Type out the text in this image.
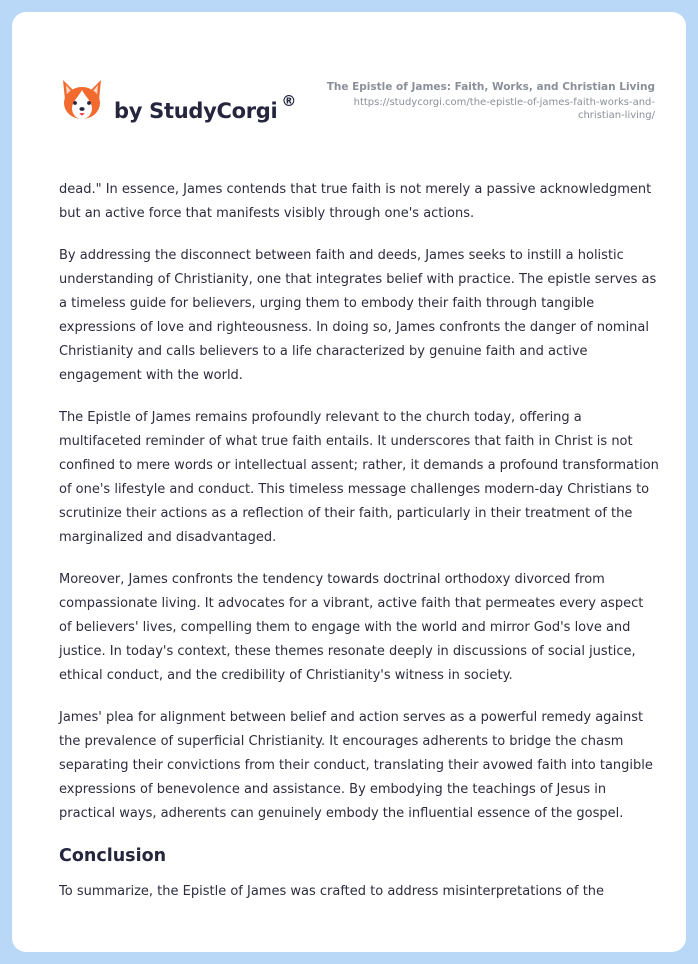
by StudyCorgi ®
The Epistle of James: Faith, Works, and Christian Living
https://studycorgi.com/the-epistle-of-james-faith-works-and-
christian-living/

dead." In essence, James contends that true faith is not merely a passive acknowledgment but an active force that manifests visibly through one's actions.

By addressing the disconnect between faith and deeds, James seeks to instill a holistic understanding of Christianity, one that integrates belief with practice. The epistle serves as a timeless guide for believers, urging them to embody their faith through tangible expressions of love and righteousness. In doing so, James confronts the danger of nominal Christianity and calls believers to a life characterized by genuine faith and active engagement with the world.

The Epistle of James remains profoundly relevant to the church today, offering a multifaceted reminder of what true faith entails. It underscores that faith in Christ is not confined to mere words or intellectual assent; rather, it demands a profound transformation of one's lifestyle and conduct. This timeless message challenges modern-day Christians to scrutinize their actions as a reflection of their faith, particularly in their treatment of the marginalized and disadvantaged.

Moreover, James confronts the tendency towards doctrinal orthodoxy divorced from compassionate living. It advocates for a vibrant, active faith that permeates every aspect of believers' lives, compelling them to engage with the world and mirror God's love and justice. In today's context, these themes resonate deeply in discussions of social justice, ethical conduct, and the credibility of Christianity's witness in society.

James' plea for alignment between belief and action serves as a powerful remedy against the prevalence of superficial Christianity. It encourages adherents to bridge the chasm separating their convictions from their conduct, translating their avowed faith into tangible expressions of benevolence and assistance. By embodying the teachings of Jesus in practical ways, adherents can genuinely embody the influential essence of the gospel.

Conclusion

To summarize, the Epistle of James was crafted to address misinterpretations of the
